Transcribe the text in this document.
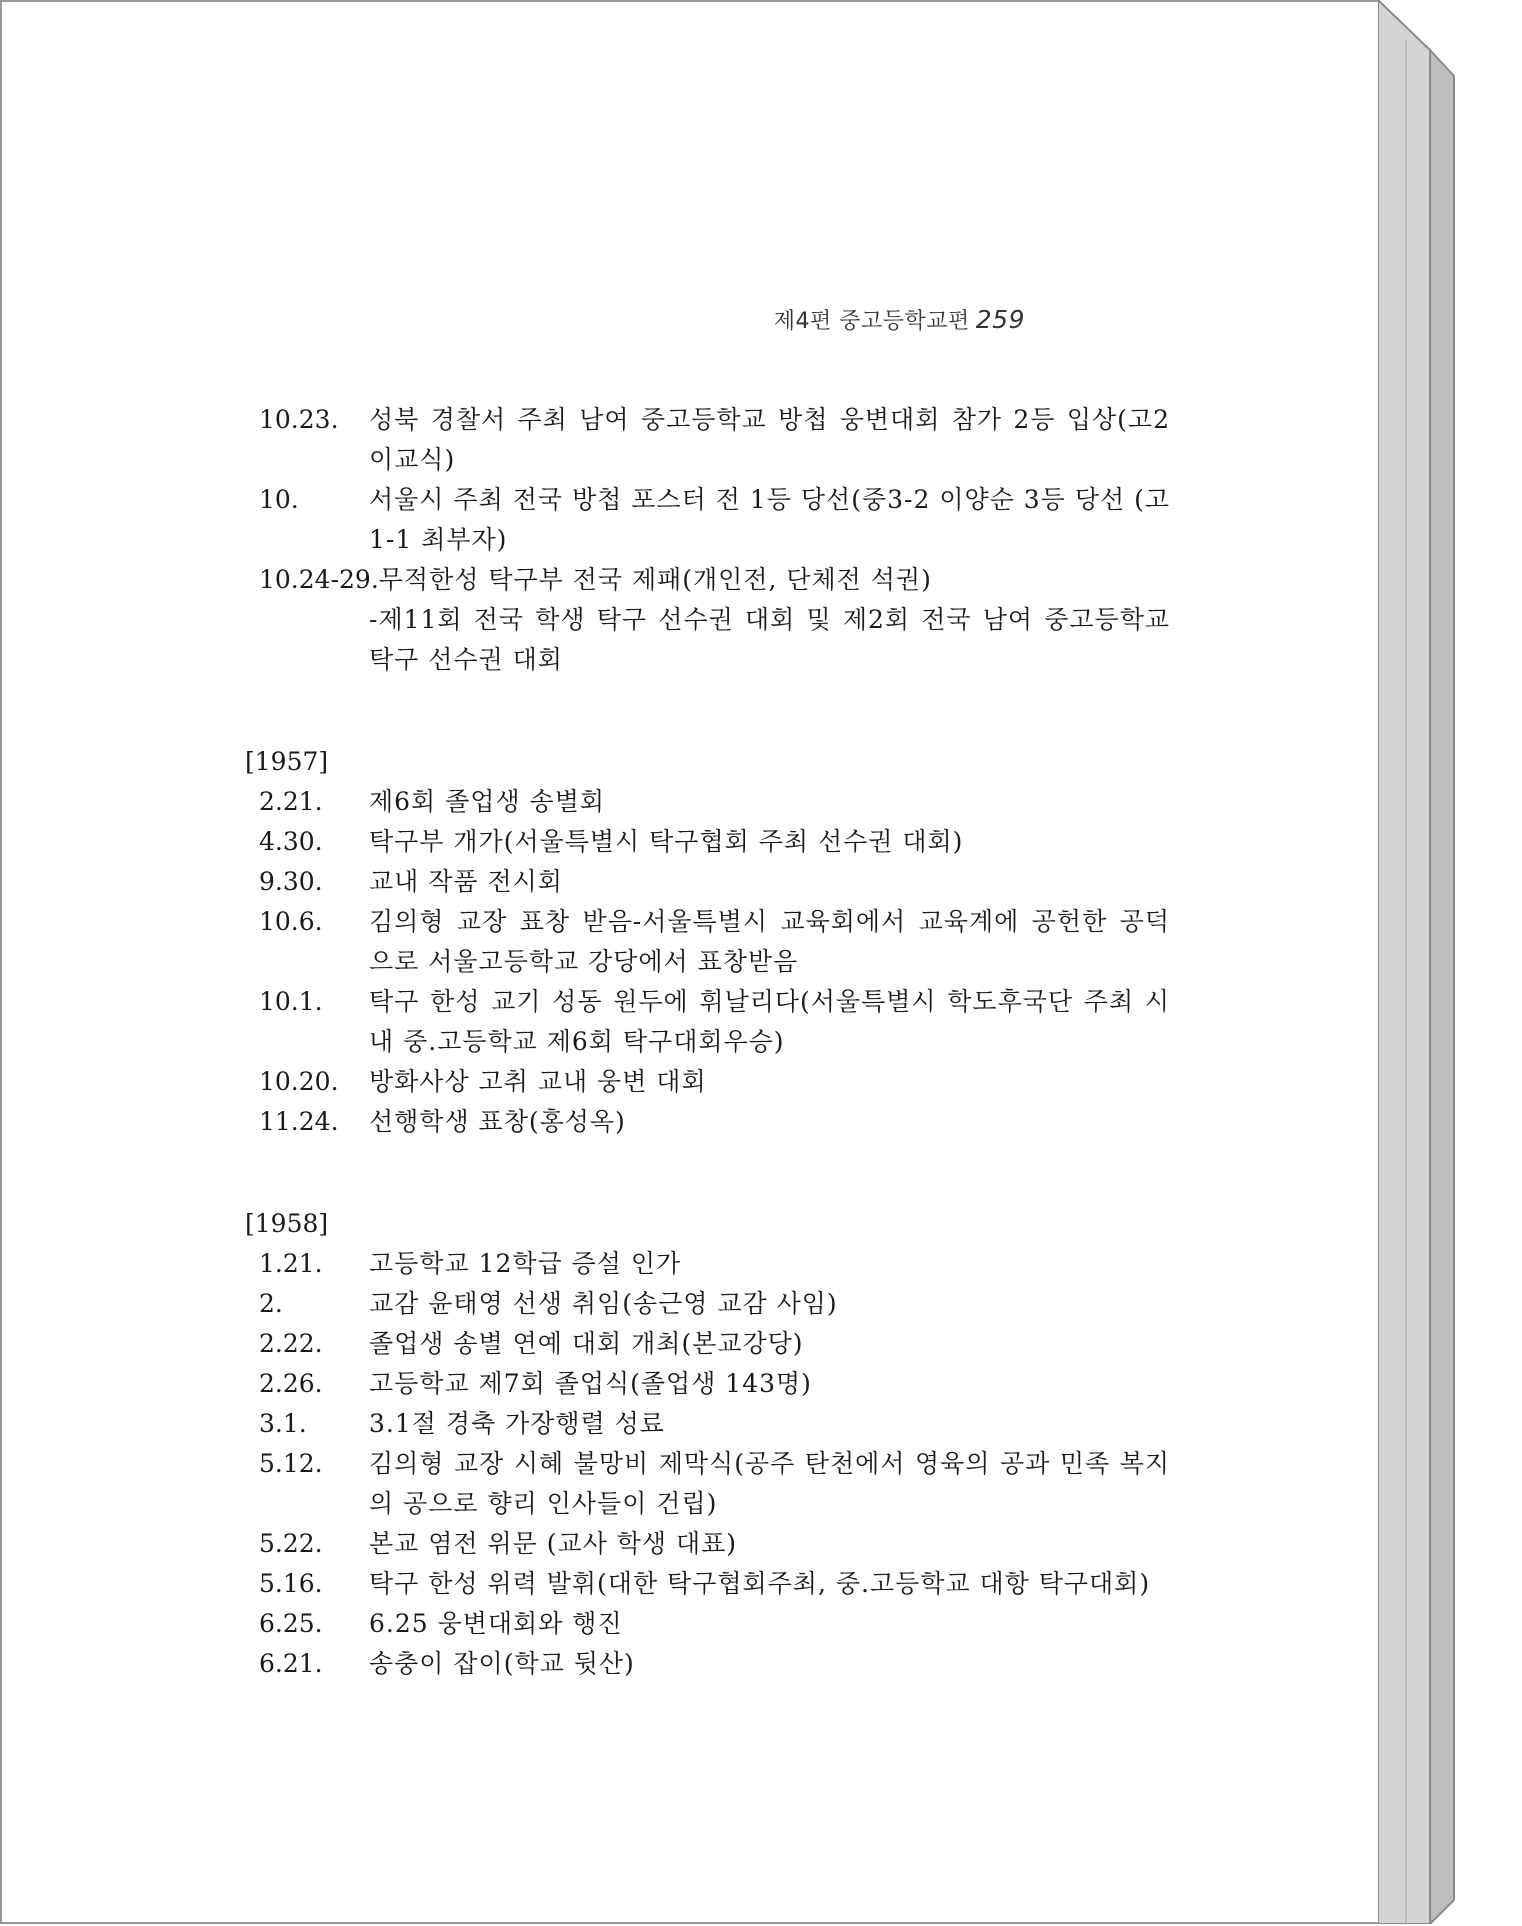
제4편 중고등학교편 259
10.23.	성북 경찰서 주최 남여 중고등학교 방첩 웅변대회 참가 2등 입상(고2 이교식)
10.	서울시 주최 전국 방첩 포스터 전 1등 당선(중3-2 이양순 3등 당선 (고1-1 최부자)
10.24-29. 무적한성 탁구부 전국 제패(개인전, 단체전 석권)
-제11회 전국 학생 탁구 선수권 대회 및 제2회 전국 남여 중고등학교 탁구 선수권 대회
[1957]
2.21.	제6회 졸업생 송별회
4.30.	탁구부 개가(서울특별시 탁구협회 주최 선수권 대회)
9.30.	교내 작품 전시회
10.6.	김의형 교장 표창 받음-서울특별시 교육회에서 교육계에 공헌한 공덕으로 서울고등학교 강당에서 표창받음
10.1.	탁구 한성 교기 성동 원두에 휘날리다(서울특별시 학도후국단 주최 시내 중.고등학교 제6회 탁구대회우승)
10.20.	방화사상 고취 교내 웅변 대회
11.24.	선행학생 표창(홍성옥)
[1958]
1.21.	고등학교 12학급 증설 인가
2.	교감 윤태영 선생 취임(송근영 교감 사임)
2.22.	졸업생 송별 연예 대회 개최(본교강당)
2.26.	고등학교 제7회 졸업식(졸업생 143명)
3.1.	3.1절 경축 가장행렬 성료
5.12.	김의형 교장 시혜 불망비 제막식(공주 탄천에서 영육의 공과 민족 복지의 공으로 향리 인사들이 건립)
5.22.	본교 염전 위문 (교사 학생 대표)
5.16.	탁구 한성 위력 발휘(대한 탁구협회주최, 중.고등학교 대항 탁구대회)
6.25.	6.25 웅변대회와 행진
6.21.	송충이 잡이(학교 뒷산)
